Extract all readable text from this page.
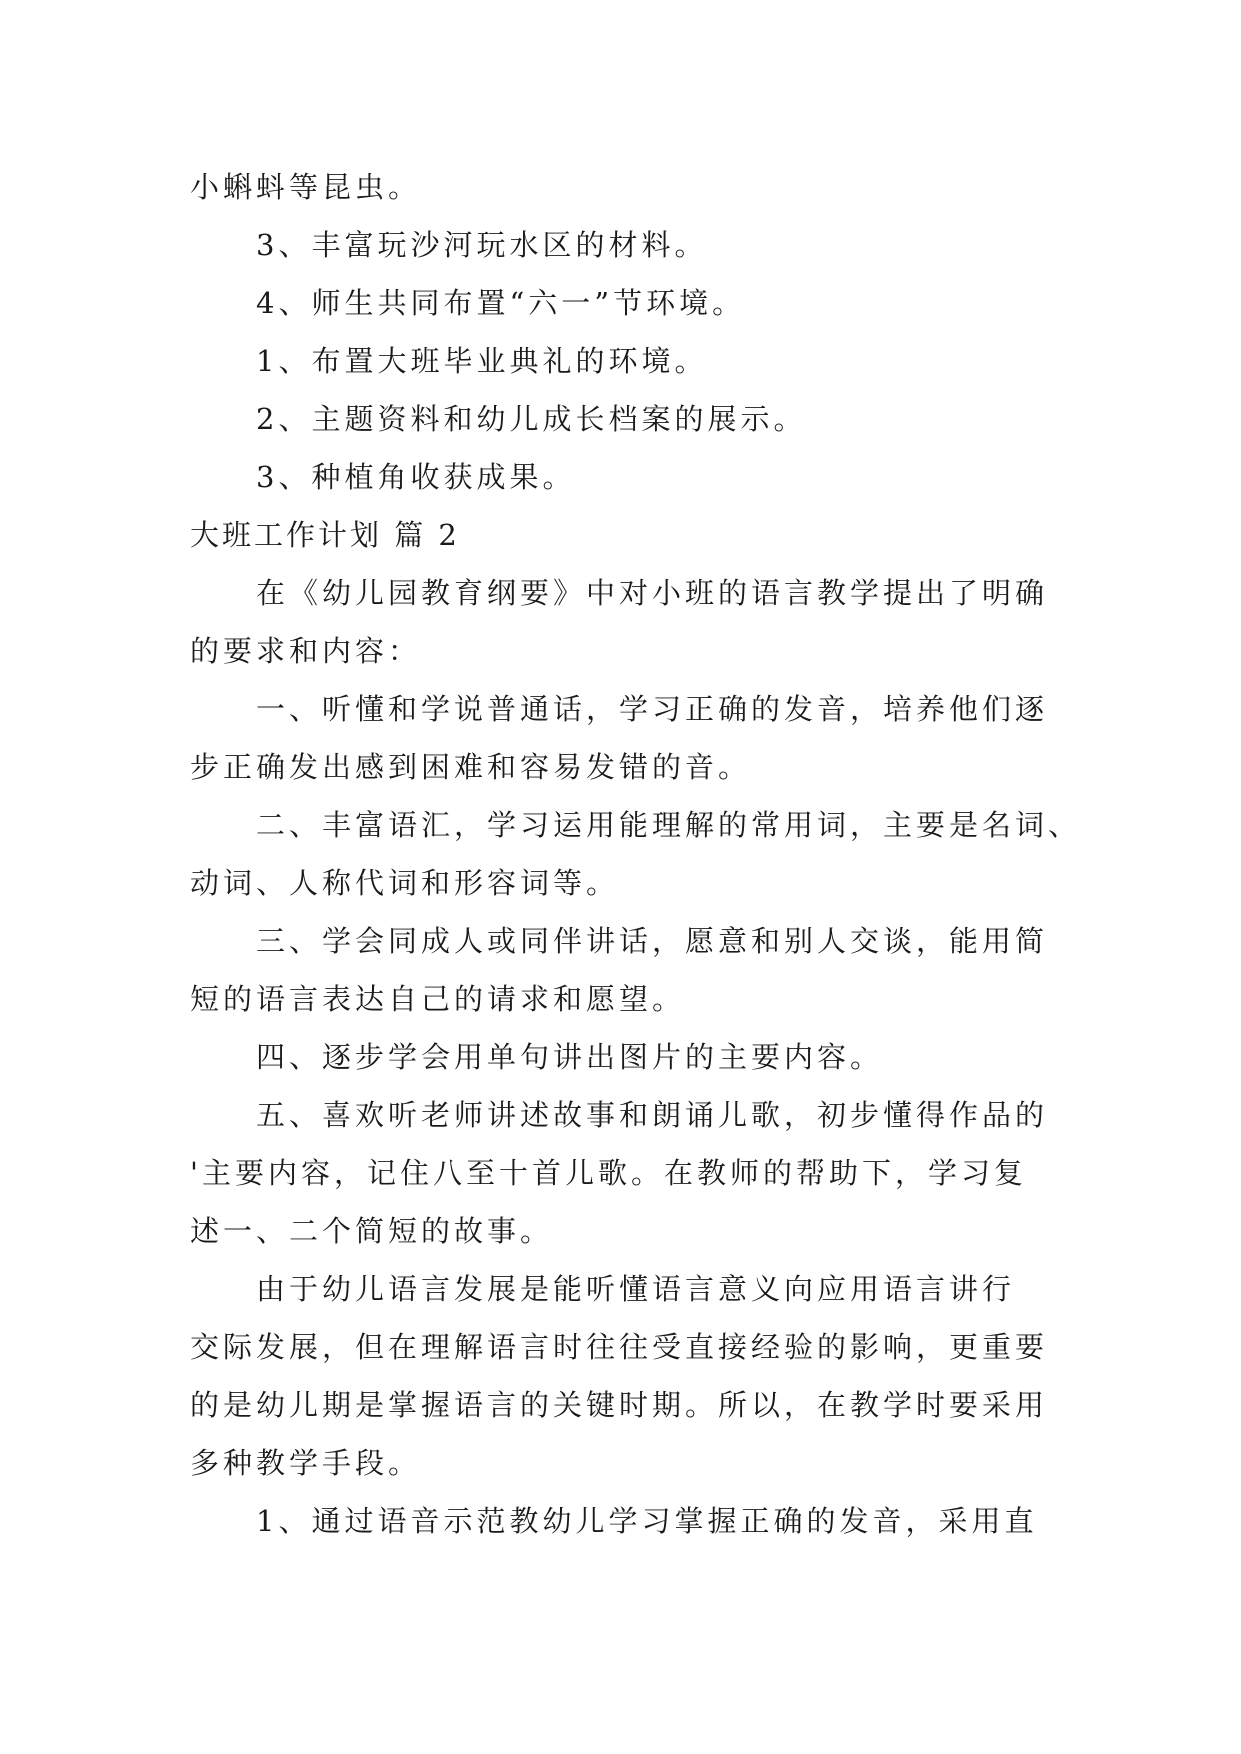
小蝌蚪等昆虫。
3、丰富玩沙河玩水区的材料。
4、师生共同布置“六一”节环境。
1、布置大班毕业典礼的环境。
2、主题资料和幼儿成长档案的展示。
3、种植角收获成果。
大班工作计划 篇 2
在《幼儿园教育纲要》中对小班的语言教学提出了明确
的要求和内容：
一、听懂和学说普通话，学习正确的发音，培养他们逐
步正确发出感到困难和容易发错的音。
二、丰富语汇，学习运用能理解的常用词，主要是名词、
动词、人称代词和形容词等。
三、学会同成人或同伴讲话，愿意和别人交谈，能用简
短的语言表达自己的请求和愿望。
四、逐步学会用单句讲出图片的主要内容。
五、喜欢听老师讲述故事和朗诵儿歌，初步懂得作品的
'主要内容，记住八至十首儿歌。在教师的帮助下，学习复
述一、二个简短的故事。
由于幼儿语言发展是能听懂语言意义向应用语言讲行
交际发展，但在理解语言时往往受直接经验的影响，更重要
的是幼儿期是掌握语言的关键时期。所以，在教学时要采用
多种教学手段。
1、通过语音示范教幼儿学习掌握正确的发音，采用直
